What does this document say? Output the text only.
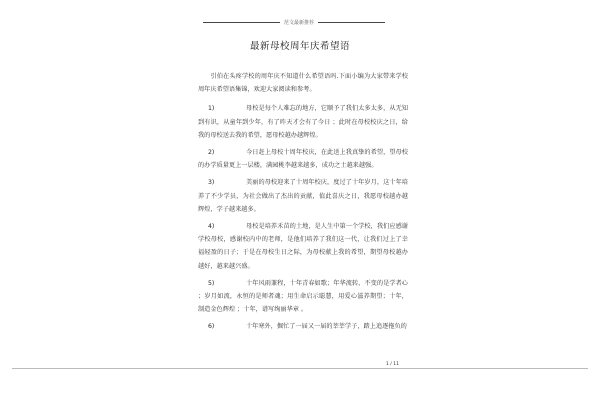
范文最新推荐
最新母校周年庆希望语

引伯在头疼学校的周年庆不知道什么希望语吗.下面小编为大家带来学校周年庆希望语集锦，欢迎大家阅读和参考。

1)	母校是每个人难忘的地方，它顺予了我们太多太多，从无知到有识，从童年到少年，有了昨天才会有了今日 ；此时在母校校庆之日，给我的母校送去我的希望，愿母校越办越辉煌。

2)	今日赶上母校十周年校庆，在此送上我真挚的希望，望母校的办学质量更上一层楼，满园桃李越来越多，成功之士越来越强。

3)	美丽的母校迎来了十周年校庆，度过了十年岁月，这十年培养了不少学员，为社会做出了杰出的贡献，值此喜庆之日，我愿母校越办越辉煌，学子越来越多。

4)	母校是培养禾苗的土地，是人生中第一个学校，我们应感谢学校母校，感谢校内中的老师，是他们培养了我们这一代，让我们过上了幸福轻盈的日子；于是在母校生日之际，为母校献上我的希望，期望母校越办越好，越来越兴盛。

5)	十年风雨兼程，十年青春如歌；年华流转，不变的是学者心 ；岁月如流，永恒的是师者魂；用生命启示聪慧，用爱心滋养期望；十年，制造金色辉煌 ；十年，谱写绚丽华章 。

6)	十年寒外，掘忙了一届又一届的莘莘学子，踏上追逐拖负的

1 / 11
